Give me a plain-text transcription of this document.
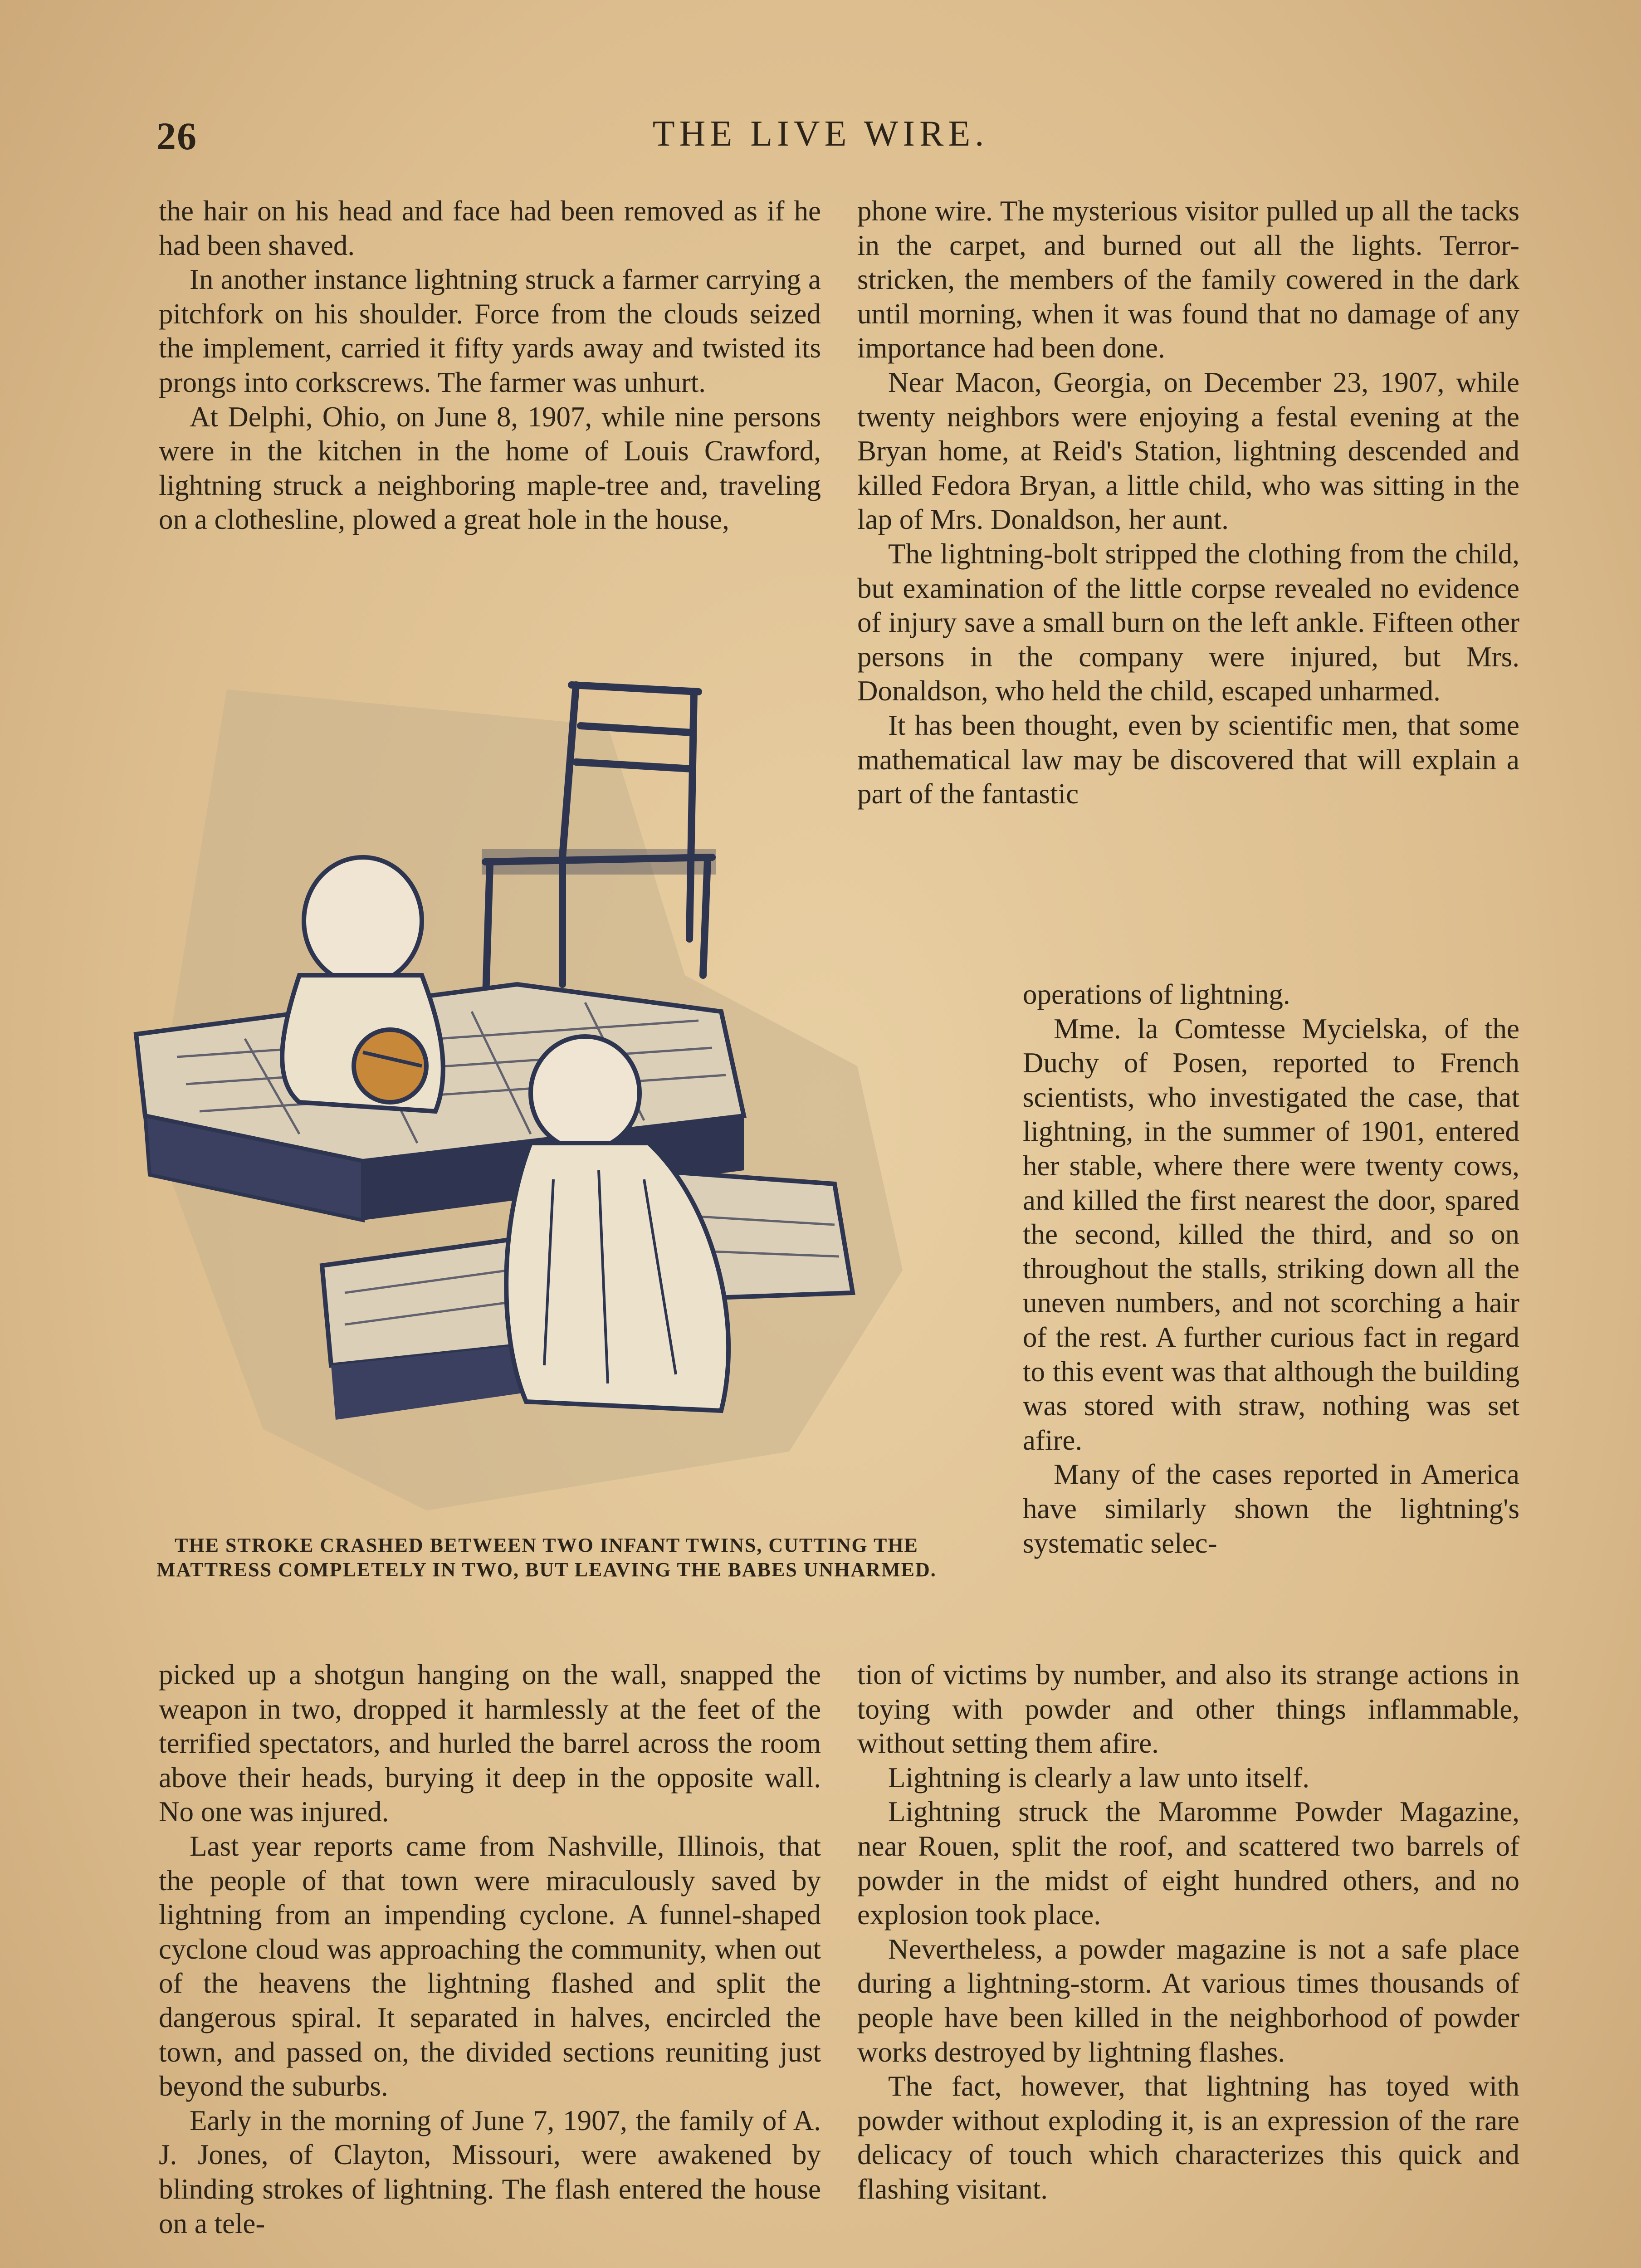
26	THE LIVE WIRE.

the hair on his head and face had been removed as if he had been shaved.

In another instance lightning struck a farmer carrying a pitchfork on his shoulder. Force from the clouds seized the implement, carried it fifty yards away and twisted its prongs into corkscrews. The farmer was unhurt.

At Delphi, Ohio, on June 8, 1907, while nine persons were in the kitchen in the home of Louis Crawford, lightning struck a neighboring maple-tree and, traveling on a clothesline, plowed a great hole in the house,

THE STROKE CRASHED BETWEEN TWO INFANT TWINS, CUTTING THE MATTRESS COMPLETELY IN TWO, BUT LEAVING THE BABES UNHARMED.

picked up a shotgun hanging on the wall, snapped the weapon in two, dropped it harmlessly at the feet of the terrified spectators, and hurled the barrel across the room above their heads, burying it deep in the opposite wall. No one was injured.

Last year reports came from Nashville, Illinois, that the people of that town were miraculously saved by lightning from an impending cyclone. A funnel-shaped cyclone cloud was approaching the community, when out of the heavens the lightning flashed and split the dangerous spiral. It separated in halves, encircled the town, and passed on, the divided sections reuniting just beyond the suburbs.

Early in the morning of June 7, 1907, the family of A. J. Jones, of Clayton, Missouri, were awakened by blinding strokes of lightning. The flash entered the house on a tele-

phone wire. The mysterious visitor pulled up all the tacks in the carpet, and burned out all the lights. Terror-stricken, the members of the family cowered in the dark until morning, when it was found that no damage of any importance had been done.

Near Macon, Georgia, on December 23, 1907, while twenty neighbors were enjoying a festal evening at the Bryan home, at Reid's Station, lightning descended and killed Fedora Bryan, a little child, who was sitting in the lap of Mrs. Donaldson, her aunt.

The lightning-bolt stripped the clothing from the child, but examination of the little corpse revealed no evidence of injury save a small burn on the left ankle. Fifteen other persons in the company were injured, but Mrs. Donaldson, who held the child, escaped unharmed.

It has been thought, even by scientific men, that some mathematical law may be discovered that will explain a part of the fantastic

operations of lightning.

Mme. la Comtesse Mycielska, of the Duchy of Posen, reported to French scientists, who investigated the case, that lightning, in the summer of 1901, entered her stable, where there were twenty cows, and killed the first nearest the door, spared the second, killed the third, and so on throughout the stalls, striking down all the uneven numbers, and not scorching a hair of the rest. A further curious fact in regard to this event was that although the building was stored with straw, nothing was set afire.

Many of the cases reported in America have similarly shown the lightning's systematic selec-

tion of victims by number, and also its strange actions in toying with powder and other things inflammable, without setting them afire.

Lightning is clearly a law unto itself.

Lightning struck the Maromme Powder Magazine, near Rouen, split the roof, and scattered two barrels of powder in the midst of eight hundred others, and no explosion took place.

Nevertheless, a powder magazine is not a safe place during a lightning-storm. At various times thousands of people have been killed in the neighborhood of powder works destroyed by lightning flashes.

The fact, however, that lightning has toyed with powder without exploding it, is an expression of the rare delicacy of touch which characterizes this quick and flashing visitant.
